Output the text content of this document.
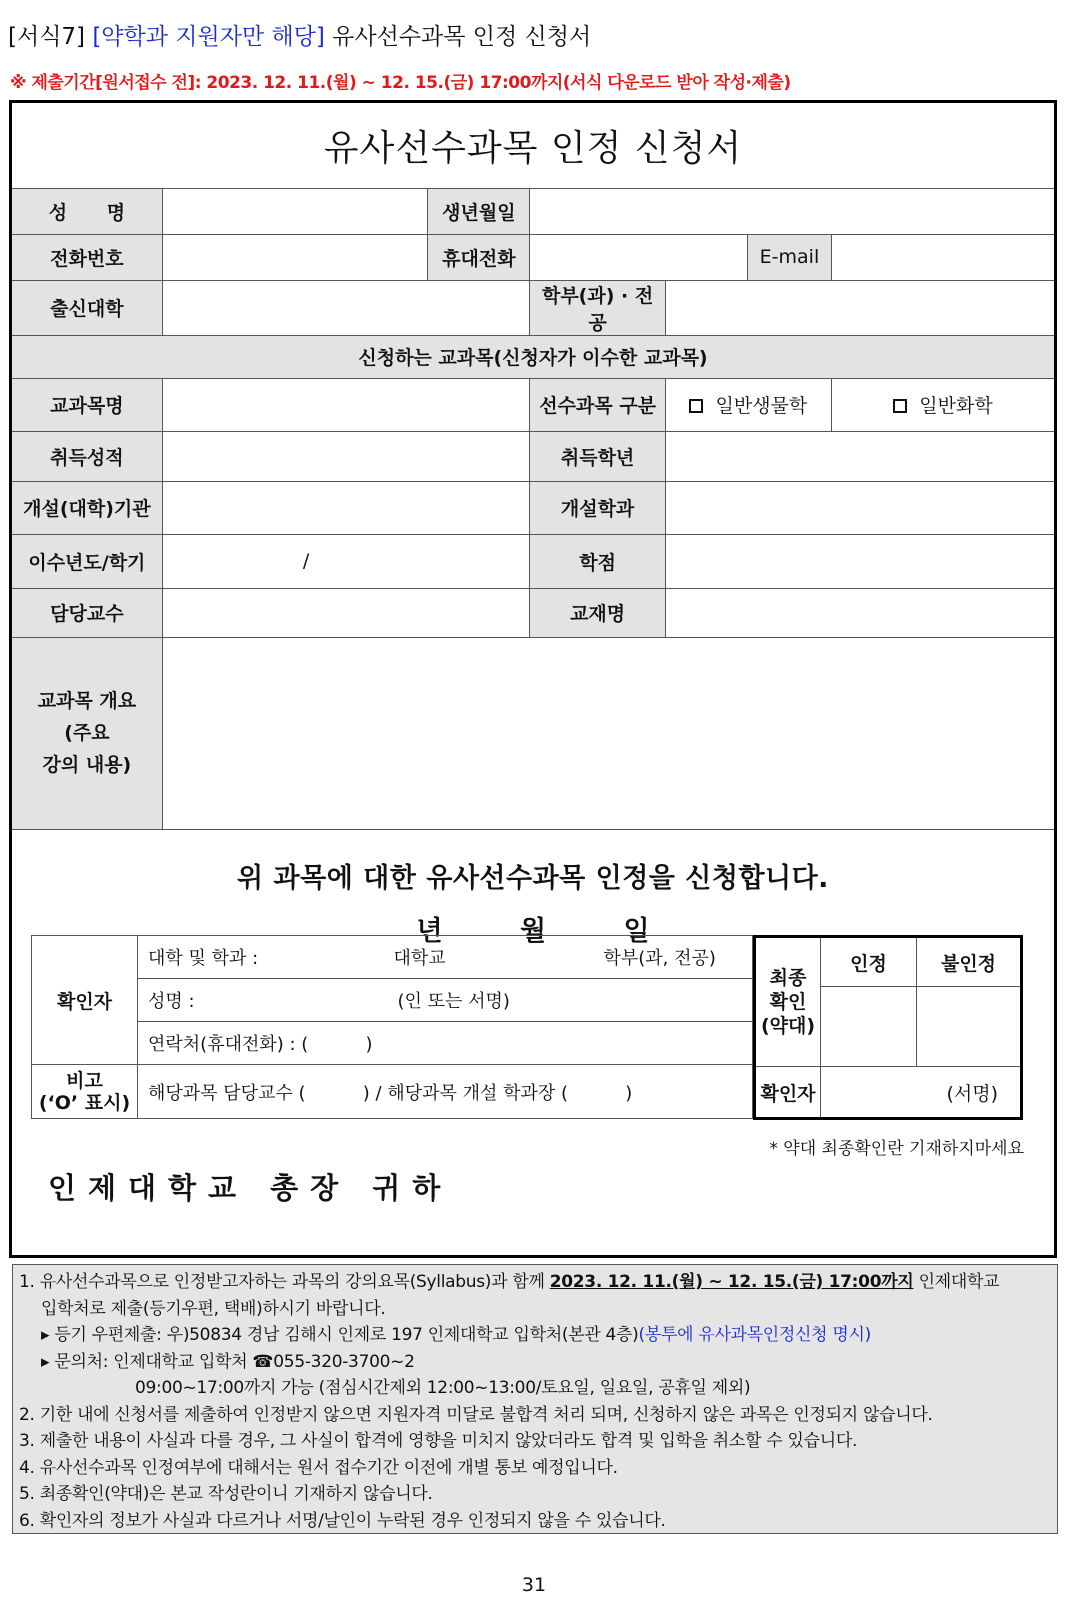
[서식7] [약학과 지원자만 해당] 유사선수과목 인정 신청서
※ 제출기간[원서접수 전]: 2023. 12. 11.(월) ~ 12. 15.(금) 17:00까지(서식 다운로드 받아 작성·제출)
유사선수과목 인정 신청서
성      명		생년월일				
전화번호		휴대전화			E-mail	
출신대학			학부(과) · 전공			
신청하는 교과목(신청자가 이수한 교과목)						
교과목명			선수과목 구분	일반생물학		일반화학
취득성적			취득학년			
개설(대학)기관			개설학과			
이수년도/학기	/		학점			
담당교수			교재명			

교과목 개요
(주요
강의 내용)						

위 과목에 대한 유사선수과목 인정을 신청합니다.
년	월	일
확인자	대학 및 학과 : 대학교 학부(과, 전공)

	성명 : (인 또는 서명)

	연락처(휴대전화) : (          )

비고
(‘O’ 표시)	해당과목 담당교수 (          ) / 해당과목 개설 학과장 (          )
최종
확인
(약대)	인정	불인정

확인자	(서명)	
* 약대 최종확인란 기재하지마세요
인제대학교 총장 귀하
1. 유사선수과목으로 인정받고자하는 과목의 강의요목(Syllabus)과 함께 2023. 12. 11.(월) ~ 12. 15.(금) 17:00까지 인제대학교
입학처로 제출(등기우편, 택배)하시기 바랍니다.
▸ 등기 우편제출: 우)50834 경남 김해시 인제로 197 인제대학교 입학처(본관 4층)(봉투에 유사과목인정신청 명시)
▸ 문의처: 인제대학교 입학처 ☎055-320-3700~2
09:00~17:00까지 가능 (점심시간제외 12:00~13:00/토요일, 일요일, 공휴일 제외)
2. 기한 내에 신청서를 제출하여 인정받지 않으면 지원자격 미달로 불합격 처리 되며, 신청하지 않은 과목은 인정되지 않습니다.
3. 제출한 내용이 사실과 다를 경우, 그 사실이 합격에 영향을 미치지 않았더라도 합격 및 입학을 취소할 수 있습니다.
4. 유사선수과목 인정여부에 대해서는 원서 접수기간 이전에 개별 통보 예정입니다.
5. 최종확인(약대)은 본교 작성란이니 기재하지 않습니다.
6. 확인자의 정보가 사실과 다르거나 서명/날인이 누락된 경우 인정되지 않을 수 있습니다.
31
